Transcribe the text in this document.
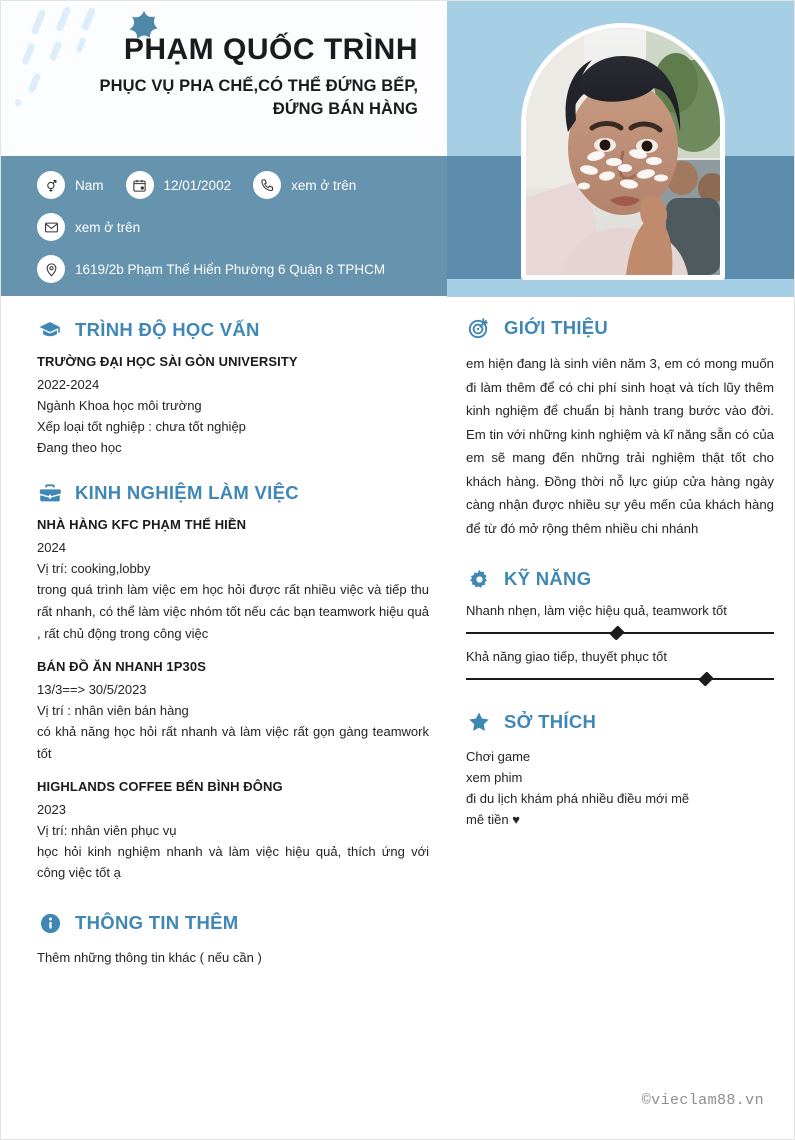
PHẠM QUỐC TRÌNH
PHỤC VỤ PHA CHẾ,CÓ THỂ ĐỨNG BẾP,
ĐỨNG BÁN HÀNG
Nam	12/01/2002	xem ở trên
xem ở trên
1619/2b Phạm Thế Hiển Phường 6 Quận 8 TPHCM
TRÌNH ĐỘ HỌC VẤN
TRƯỜNG ĐẠI HỌC SÀI GÒN UNIVERSITY
2022-2024
Ngành Khoa học môi trường
Xếp loại tốt nghiệp : chưa tốt nghiệp
Đang theo học
KINH NGHIỆM LÀM VIỆC
NHÀ HÀNG KFC PHẠM THẾ HIỀN
2024
Vị trí: cooking,lobby
trong quá trình làm việc em học hỏi được rất nhiều việc và tiếp thu rất nhanh, có thể làm việc nhóm tốt nếu các bạn teamwork hiệu quả , rất chủ động trong công việc
BÁN ĐỒ ĂN NHANH 1P30S
13/3==> 30/5/2023
Vị trí : nhân viên bán hàng
có khả năng học hỏi rất nhanh và làm việc rất gọn gàng teamwork tốt
HIGHLANDS COFFEE BẾN BÌNH ĐÔNG
2023
Vị trí: nhân viên phục vụ
học hỏi kinh nghiệm nhanh và làm việc hiệu quả, thích ứng với công việc tốt ạ
THÔNG TIN THÊM
Thêm những thông tin khác ( nếu cần )
GIỚI THIỆU
em hiện đang là sinh viên năm 3, em có mong muốn đi làm thêm để có chi phí sinh hoạt và tích lũy thêm kinh nghiệm để chuẩn bị hành trang bước vào đời. Em tin với những kinh nghiệm và kĩ năng sẵn có của em sẽ mang đến những trải nghiệm thật tốt cho khách hàng. Đồng thời nỗ lực giúp cửa hàng ngày càng nhận được nhiều sự yêu mến của khách hàng để từ đó mở rộng thêm nhiều chi nhánh
KỸ NĂNG
Nhanh nhẹn, làm việc hiệu quả, teamwork tốt
Khả năng giao tiếp, thuyết phục tốt
SỞ THÍCH
Chơi game
xem phim
đi du lịch khám phá nhiều điều mới mẽ
mê tiền ♥
©vieclam88.vn
